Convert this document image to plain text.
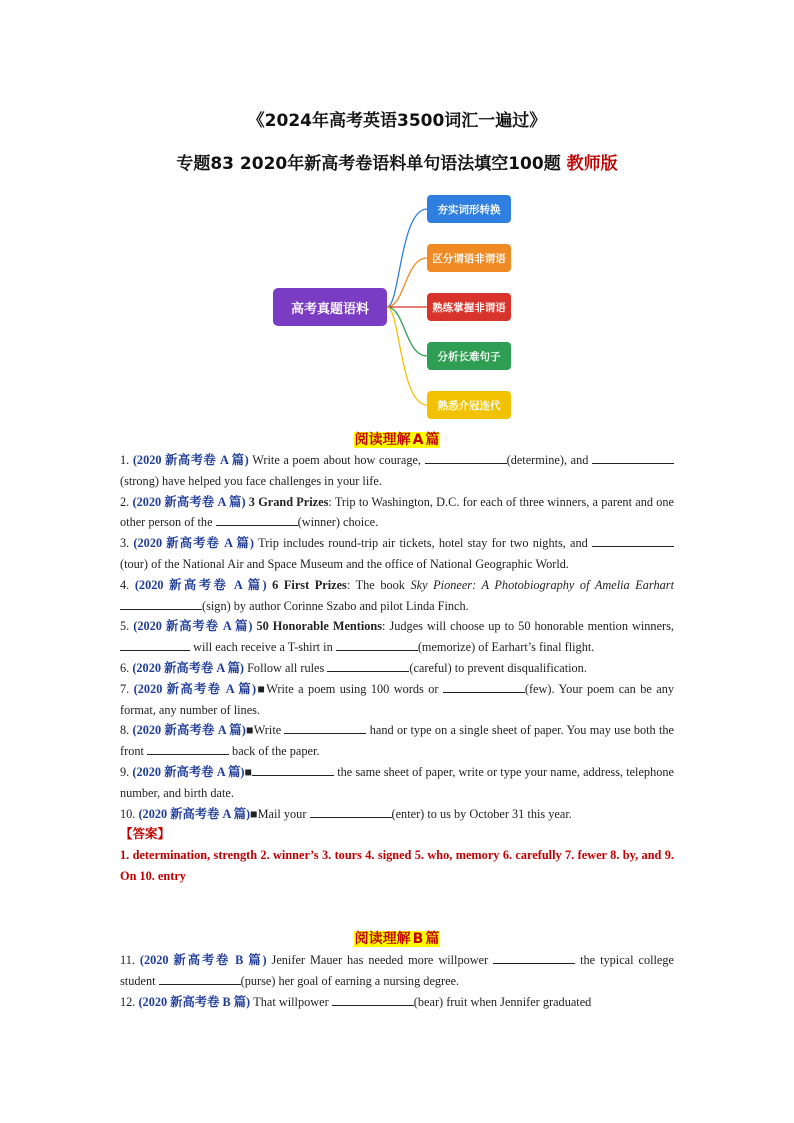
《2024年高考英语3500词汇一遍过》
专题83 2020年新高考卷语料单句语法填空100题 教师版
高考真题语料
夯实词形转换
区分谓语非谓语
熟练掌握非谓语
分析长难句子
熟悉介冠连代
阅读理解 A 篇

1. (2020 新高考卷 A 篇) Write a poem about how courage,	(determine), and (strong) have helped you face challenges in your life.

2. (2020 新高考卷 A 篇) 3 Grand Prizes: Trip to Washington, D.C. for each of three winners, a parent and one other person of the	(winner) choice.

3. (2020 新高考卷 A 篇) Trip includes round-trip air tickets, hotel stay for two nights, and (tour) of the National Air and Space Museum and the office of National Geographic World.

4. (2020 新高考卷 A 篇) 6 First Prizes: The book Sky Pioneer: A Photobiography of Amelia Earhart (sign) by author Corinne Szabo and pilot Linda Finch.

5. (2020 新高考卷 A 篇) 50 Honorable Mentions: Judges will choose up to 50 honorable mention winners,  will each receive a T-shirt in	(memorize) of Earhart’s final flight.

6. (2020 新高考卷 A 篇) Follow all rules	(careful) to prevent disqualification.

7. (2020 新高考卷 A 篇)■Write a poem using 100 words or	(few). Your poem can be any format, any number of lines.

8. (2020 新高考卷 A 篇)■Write	hand or type on a single sheet of paper. You may use both the front	back of the paper.

9. (2020 新高考卷 A 篇)■	the same sheet of paper, write or type your name, address, telephone number, and birth date.

10. (2020 新高考卷 A 篇)■Mail your	(enter) to us by October 31 this year.

【答案】

1. determination, strength 2. winner’s 3. tours 4. signed 5. who, memory 6. carefully 7. fewer 8. by, and 9. On 10. entry

阅读理解 B 篇

11. (2020 新高考卷 B 篇) Jenifer Mauer has needed more willpower	the typical college student	(purse) her goal of earning a nursing degree.

12. (2020 新高考卷 B 篇) That willpower	(bear) fruit when Jennifer graduated
